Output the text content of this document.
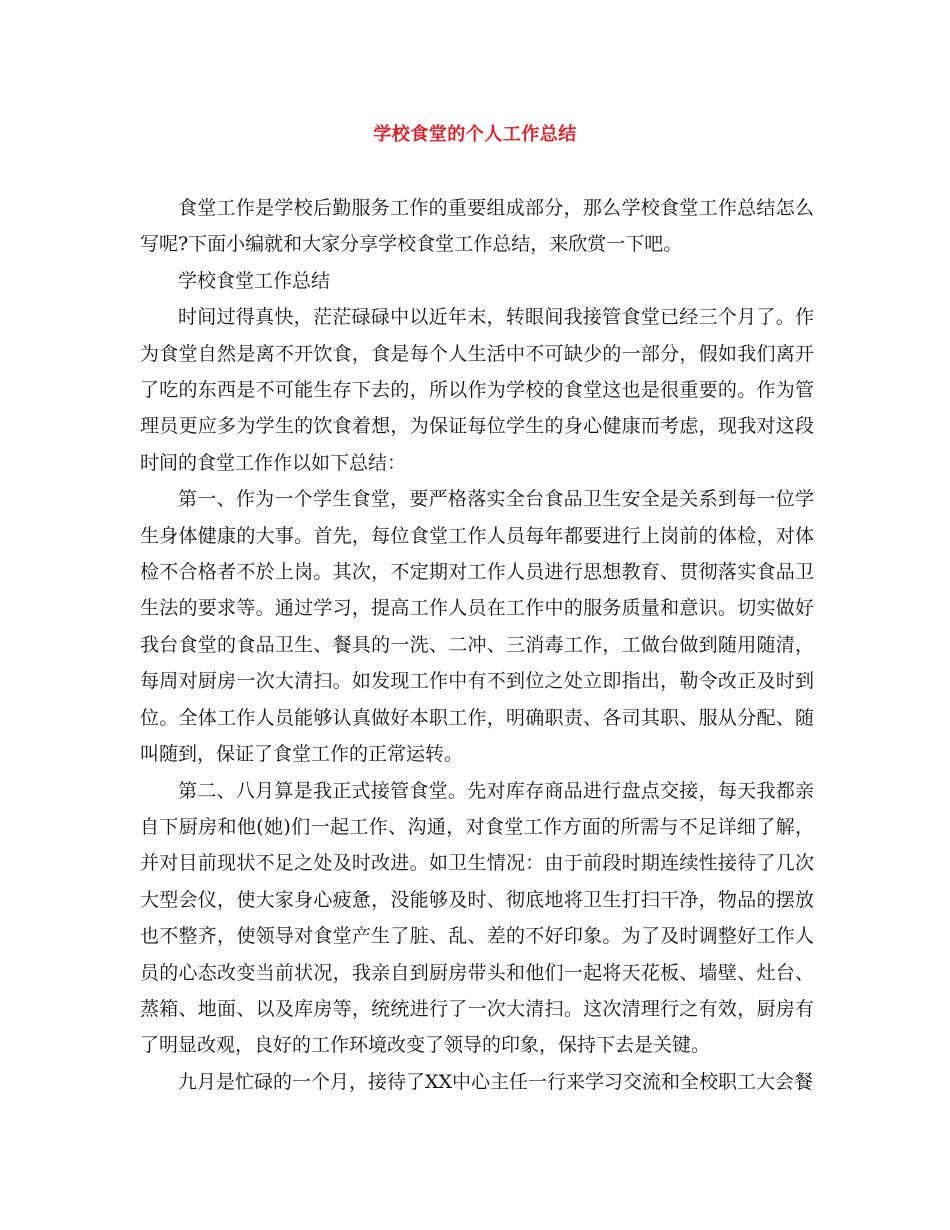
学校食堂的个人工作总结

食堂工作是学校后勤服务工作的重要组成部分，那么学校食堂工作总结怎么写呢?下面小编就和大家分享学校食堂工作总结，来欣赏一下吧。

学校食堂工作总结

时间过得真快，茫茫碌碌中以近年末，转眼间我接管食堂已经三个月了。作为食堂自然是离不开饮食，食是每个人生活中不可缺少的一部分，假如我们离开了吃的东西是不可能生存下去的，所以作为学校的食堂这也是很重要的。作为管理员更应多为学生的饮食着想，为保证每位学生的身心健康而考虑，现我对这段时间的食堂工作作以如下总结：

第一、作为一个学生食堂，要严格落实全台食品卫生安全是关系到每一位学生身体健康的大事。首先，每位食堂工作人员每年都要进行上岗前的体检，对体检不合格者不於上岗。其次，不定期对工作人员进行思想教育、贯彻落实食品卫生法的要求等。通过学习，提高工作人员在工作中的服务质量和意识。切实做好我台食堂的食品卫生、餐具的一洗、二冲、三消毒工作，工做台做到随用随清，每周对厨房一次大清扫。如发现工作中有不到位之处立即指出，勒令改正及时到位。全体工作人员能够认真做好本职工作，明确职责、各司其职、服从分配、随叫随到，保证了食堂工作的正常运转。

第二、八月算是我正式接管食堂。先对库存商品进行盘点交接，每天我都亲自下厨房和他(她)们一起工作、沟通，对食堂工作方面的所需与不足详细了解，并对目前现状不足之处及时改进。如卫生情况：由于前段时期连续性接待了几次大型会仪，使大家身心疲惫，没能够及时、彻底地将卫生打扫干净，物品的摆放也不整齐，使领导对食堂产生了脏、乱、差的不好印象。为了及时调整好工作人员的心态改变当前状况，我亲自到厨房带头和他们一起将天花板、墙壁、灶台、蒸箱、地面、以及库房等，统统进行了一次大清扫。这次清理行之有效，厨房有了明显改观，良好的工作环境改变了领导的印象，保持下去是关键。

九月是忙碌的一个月，接待了XX中心主任一行来学习交流和全校职工大会餐
